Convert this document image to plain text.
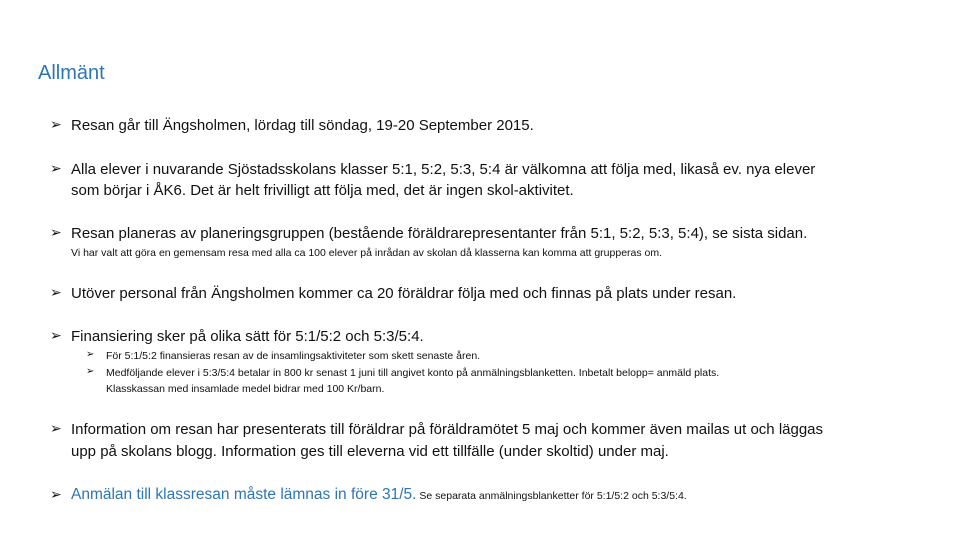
Allmänt
➢ Resan går till Ängsholmen, lördag till söndag, 19-20 September 2015.
➢ Alla elever i nuvarande Sjöstadsskolans klasser 5:1, 5:2, 5:3, 5:4 är välkomna att följa med, likaså ev. nya elever
som börjar i ÅK6. Det är helt frivilligt att följa med, det är ingen skol-aktivitet.
➢ Resan planeras av planeringsgruppen (bestående föräldrarepresentanter från 5:1, 5:2, 5:3, 5:4), se sista sidan.
Vi har valt att göra en gemensam resa med alla ca 100 elever på inrådan av skolan då klasserna kan komma att grupperas om.
➢ Utöver personal från Ängsholmen kommer ca 20 föräldrar följa med och finnas på plats under resan.
➢ Finansiering sker på olika sätt för 5:1/5:2 och 5:3/5:4.
➢ För 5:1/5:2 finansieras resan av de insamlingsaktiviteter som skett senaste åren.
➢ Medföljande elever i 5:3/5:4 betalar in 800 kr senast 1 juni till angivet konto på anmälningsblanketten. Inbetalt belopp= anmäld plats.
Klasskassan med insamlade medel bidrar med 100 Kr/barn.
➢ Information om resan har presenterats till föräldrar på föräldramötet 5 maj och kommer även mailas ut och läggas
upp på skolans blogg. Information ges till eleverna vid ett tillfälle (under skoltid) under maj.
➢ Anmälan till klassresan måste lämnas in före 31/5. Se separata anmälningsblanketter för 5:1/5:2 och 5:3/5:4.
